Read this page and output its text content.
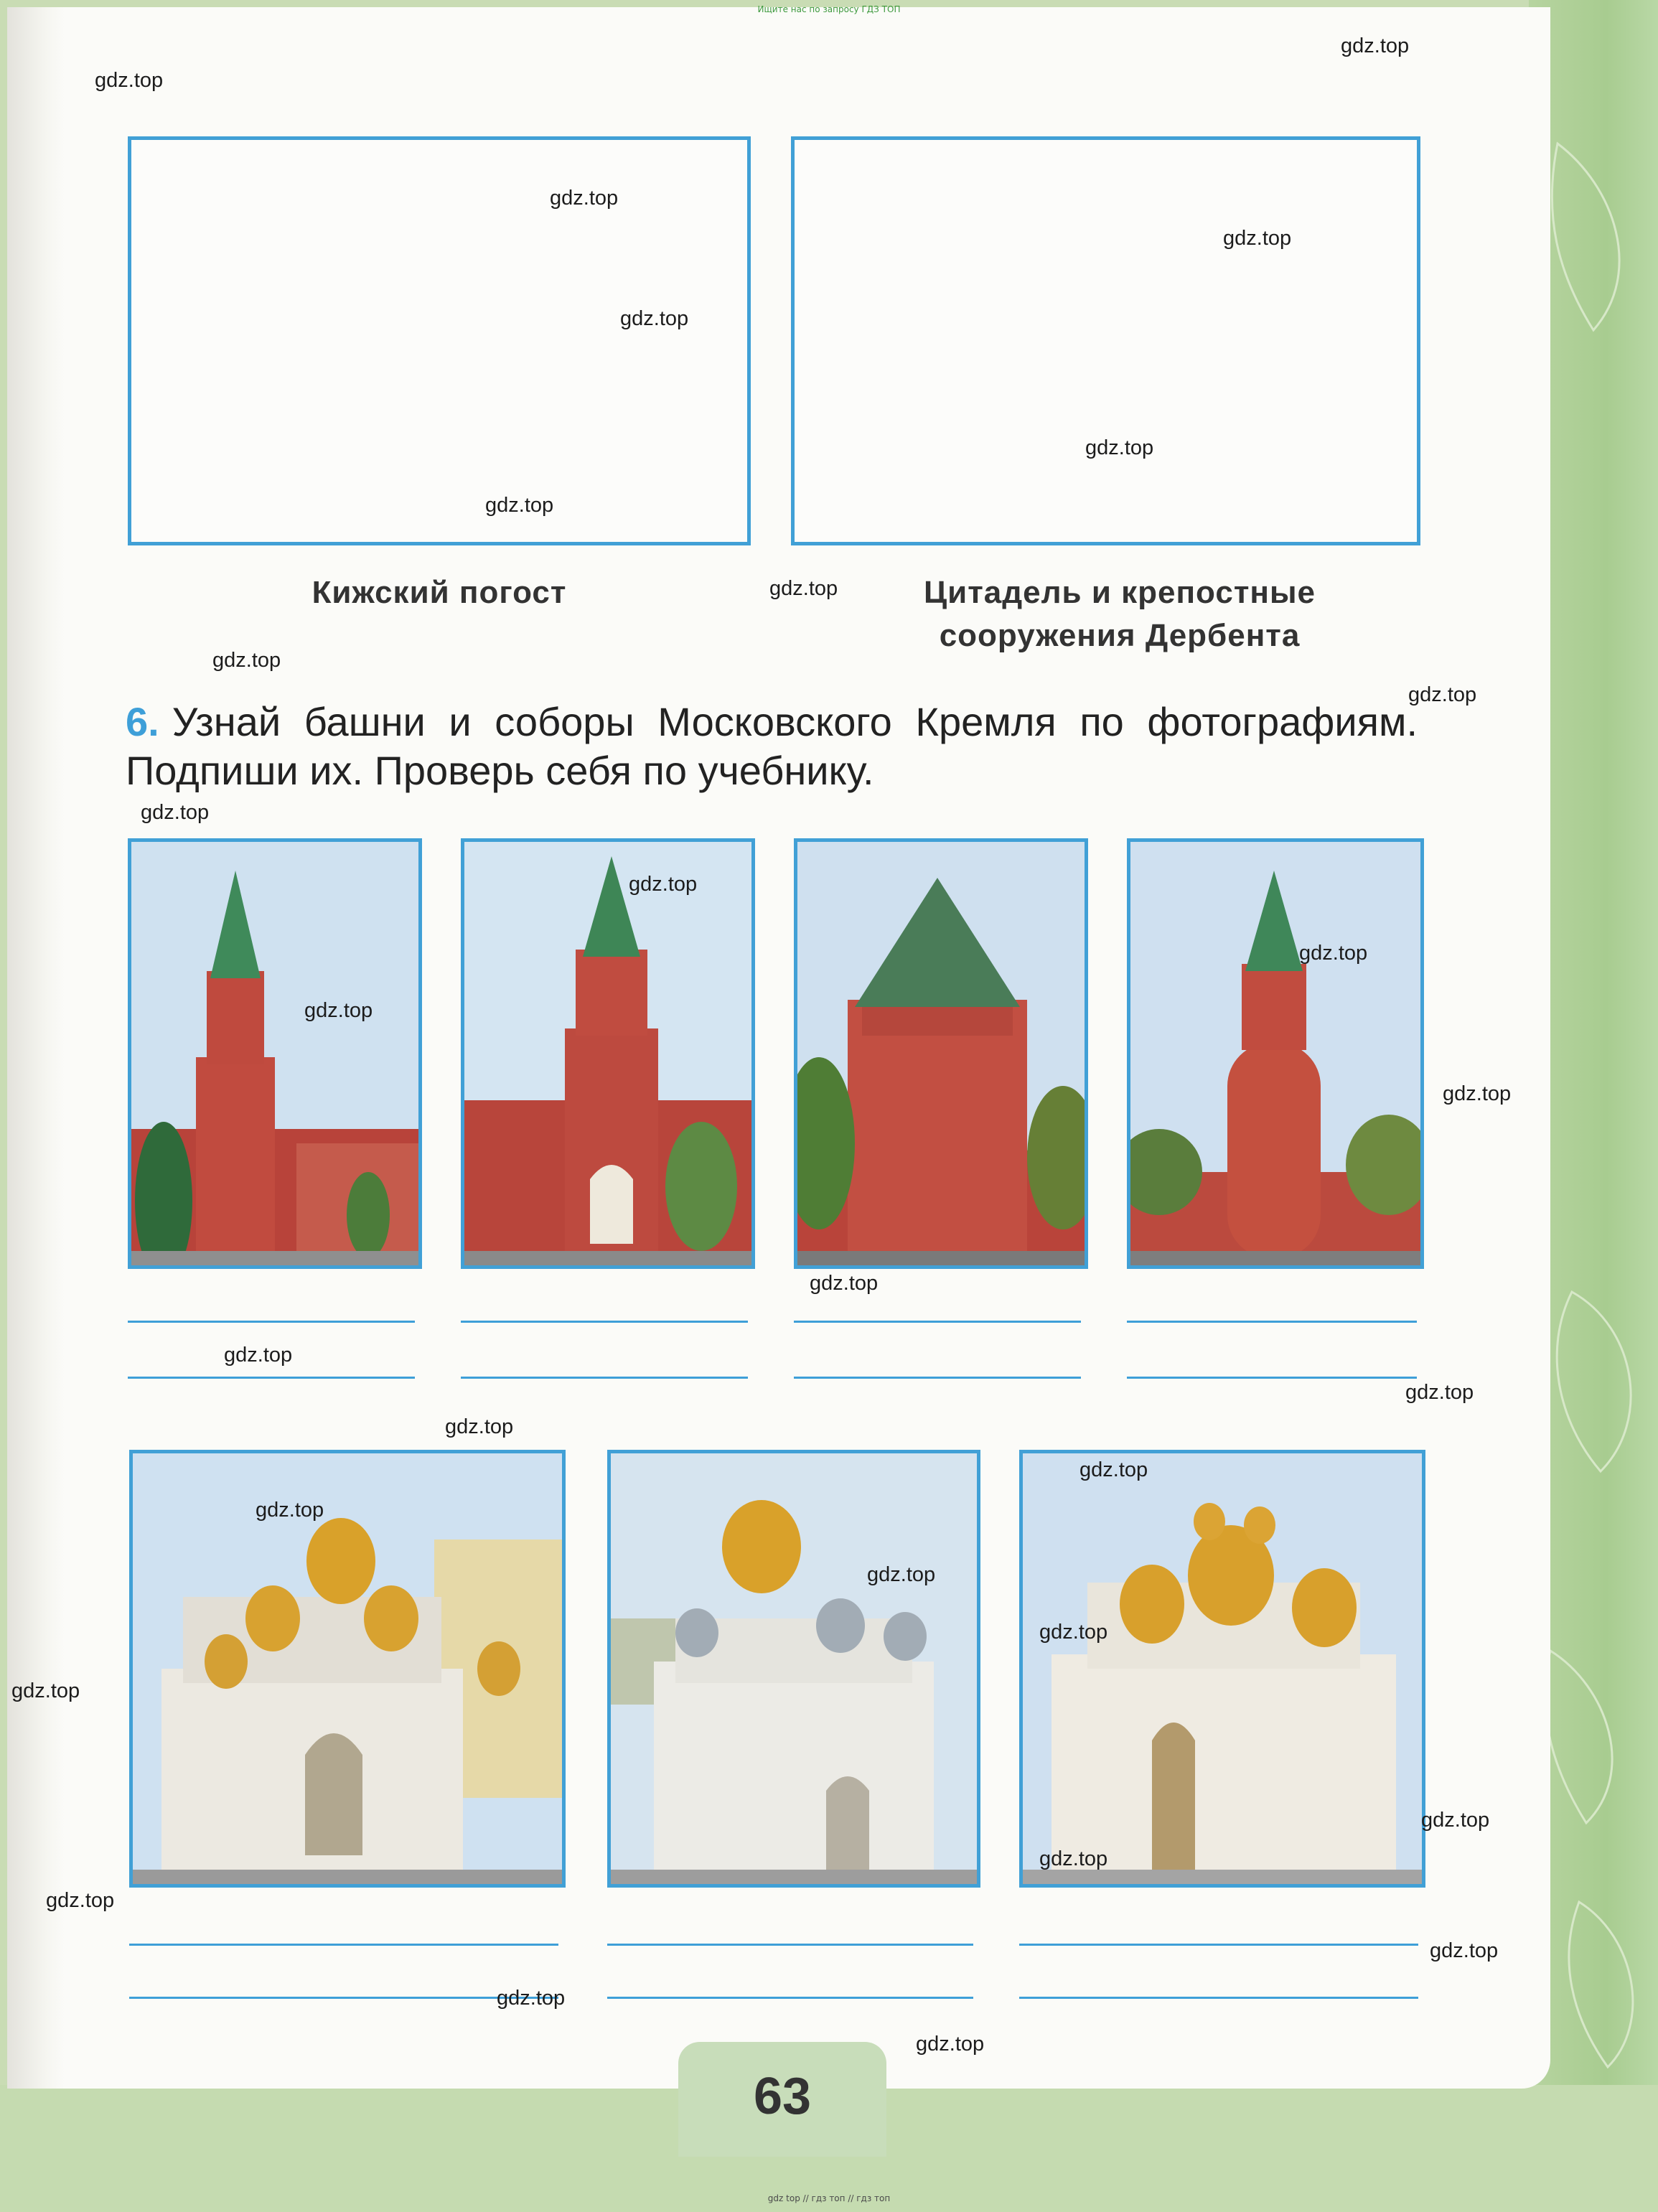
Ищите нас по запросу ГДЗ ТОП
Кижский погост	Цитадель и крепостные
сооружения Дербента
6. Узнай башни и соборы Московского Кремля по фотографиям. Подпиши их. Проверь себя по учебнику.
63
gdz.top
gdz.top
gdz.top
gdz.top
gdz.top
gdz.top
gdz.top
gdz.top
gdz.top
gdz.top
gdz.top
gdz.top
gdz.top
gdz.top
gdz.top
gdz.top
gdz.top
gdz.top
gdz.top
gdz.top
gdz.top
gdz.top
gdz.top
gdz.top
gdz.top
gdz.top
gdz.top
gdz.top
gdz.top
gdz.top
gdz top // гдз топ // гдз топ
